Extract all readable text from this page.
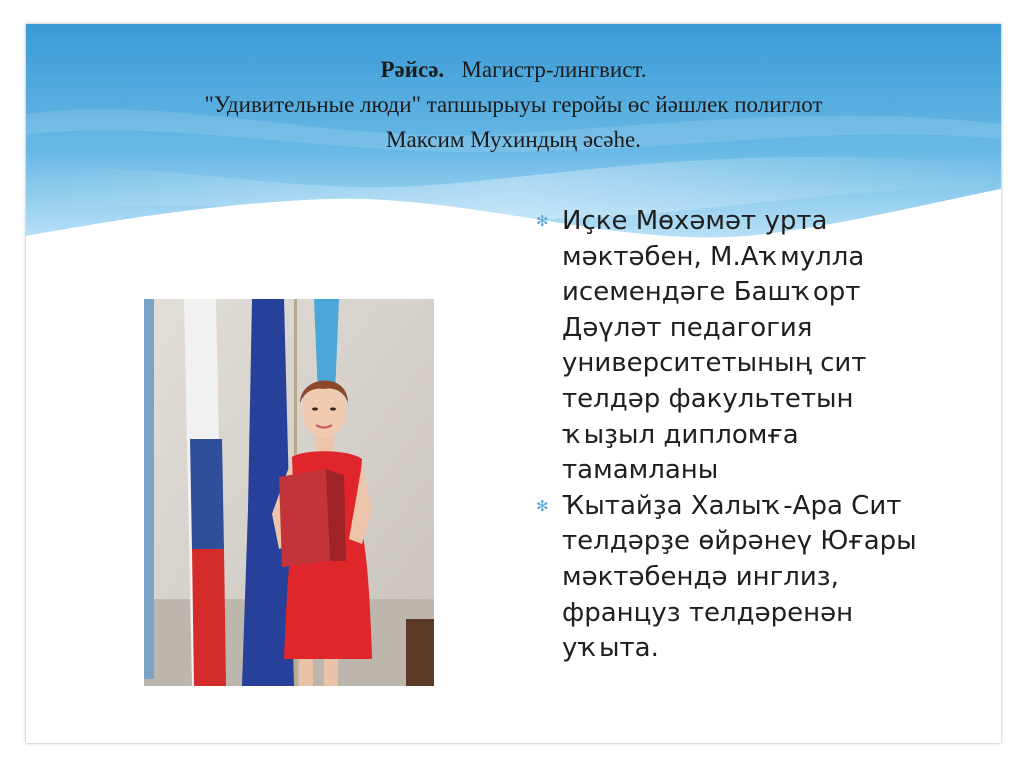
Рәйсә. Магистр-лингвист.
"Удивительные люди" тапшырыуы геройы өс йәшлек полиглот
Максим Мухиндың әсәһе.
✻ Иҫке Мөхәмәт урта мәктәбен, М.Аҡмулла исемендәге Башҡорт Дәүләт педагогия университетының сит телдәр факультетын ҡыҙыл дипломға тамамланы
✻ Ҡытайҙа Халыҡ-Ара Сит телдәрҙе өйрәнеү Юғары мәктәбендә инглиз, француз телдәренән уҡыта.
